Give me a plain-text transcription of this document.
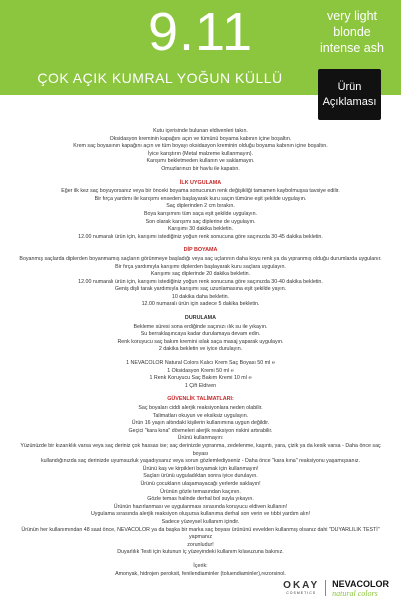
9.11	very light
blonde
intense ash
ÇOK AÇIK KUMRAL YOĞUN KÜLLÜ
Ürün
Açıklaması

Kutu içerisinde bulunan eldivenleri takın.

Oksidasyon kreminin kapağını açın ve tümünü boyama kabının içine boşaltın.

Krem saç boyasının kapağını açın ve tüm boyayı oksidasyon kreminin olduğu boyama kabının içine boşaltın.

İyice karıştırın (Metal malzeme kullanmayın).

Karışımı bekletmeden kullanın ve saklamayın.

Omuzlarınızı bir havlu ile kapatın.

İLK UYGULAMA

Eğer ilk kez saç boyuyorsanız veya bir önceki boyama sonucunun renk değişikliği tamamen kaybolmuşsa tavsiye edilir.

Bir fırça yardımı ile karışımı enseden başlayarak kuru saçın tümüne eşit şekilde uygulayın.

Saç diplerinden 2 cm bırakın.

Boya karışımını tüm saça eşit şekilde uygulayın.

Son olarak karışımı saç diplerine de uygulayın.

Karışımı 30 dakika bekletin.

12.00 numaralı ürün için, karışımı istediğiniz yoğun renk sonucuna göre saçınızda 30-45 dakika bekletin.

DİP BOYAMA

Boyanmış saçlarda diplerden boyanmamış saçların görünmeye başladığı veya saç uçlarının daha koyu renk ya da yıpranmış olduğu durumlarda uygulanır.

Bir fırça yardımıyla karışımı diplerden başlayarak kuru saçlara uygulayın.

Karışımı saç diplerinde 20 dakika bekletin.

12.00 numaralı ürün için, karışımı istediğiniz yoğun renk sonucuna göre saçınızda 30-40 dakika bekletin.

Geniş dişli tarak yardımıyla karışımı saç uzunlamasına eşit şekilde yayın.

10 dakika daha bekletin.

12.00 numaralı ürün için sadece 5 dakika bekletin.

DURULAMA

Bekleme süresi sona erdiğinde saçınızı ılık su ile yıkayın.

Su berraklaşıncaya kadar durulamaya devam edin.

Renk koruyucu saç bakım kremini ıslak saça masaj yaparak uygulayın.

2 dakika bekletin ve iyice durulayın.

1 NEVACOLOR Natural Colors Kalıcı Krem Saç Boyası 50 ml ℮

1 Oksidasyon Kremi 50 ml ℮

1 Renk Koruyucu Saç Bakım Kremi 10 ml ℮

1 Çift Eldiven

GÜVENLİK TALİMATLARI:

Saç boyaları ciddi alerjik reaksiyonlara neden olabilir.

Talimatları okuyun ve eksiksiz uygulayın.

Ürün 16 yaşın altındaki kişilerin kullanımına uygun değildir.

Geçici "kara kına" dövmeleri alerjik reaksiyon riskini artırabilir.

Ürünü kullanmayın:

Yüzünüzde bir kızarıklık varsa veya saç deriniz çok hassas ise; saç derinizde yıpranma, zedelenme, kaşıntı, yara, çizik ya da kesik varsa - Daha önce saç boyası

kullandığınızda saç derinizde uyumsuzluk yaşadıysanız veya sorun gözlemlediyseniz - Daha önce "kara kına" reaksiyonu yaşamışsanız.

Ürünü kaş ve kirpikleri boyamak için kullanmayın!

Saçları ürünü uyguladıktan sonra iyice durulayın.

Ürünü çocukların ulaşamayacağı yerlerde saklayın!

Ürünün gözle temasından kaçının.

Gözle temas halinde derhal bol suyla yıkayın.

Ürünün hazırlanması ve uygulanması sırasında koruyucu eldiven kullanın!

Uygulama sırasında alerjik reaksiyon oluşursa kullanıma derhal son verin ve tıbbi yardım alın!

Sadece yüzeysel kullanım içindir.

Ürünün her kullanımından 48 saat önce, NEVACOLOR ya da başka bir marka saç boyası ürününü evvelden kullanmış olsanız dahi "DUYARLILIK TESTİ" yapmanız

zorunludur!

Duyarlılık Testi için kutunun iç yüzeyindeki kullanım kılavuzuna bakınız.

İçerik:

Amonyak, hidrojen peroksit, fenilendiaminler (toluendiaminler),rezorsinol.

OKAY
COSMETICS
NEVACOLOR
natural colors
